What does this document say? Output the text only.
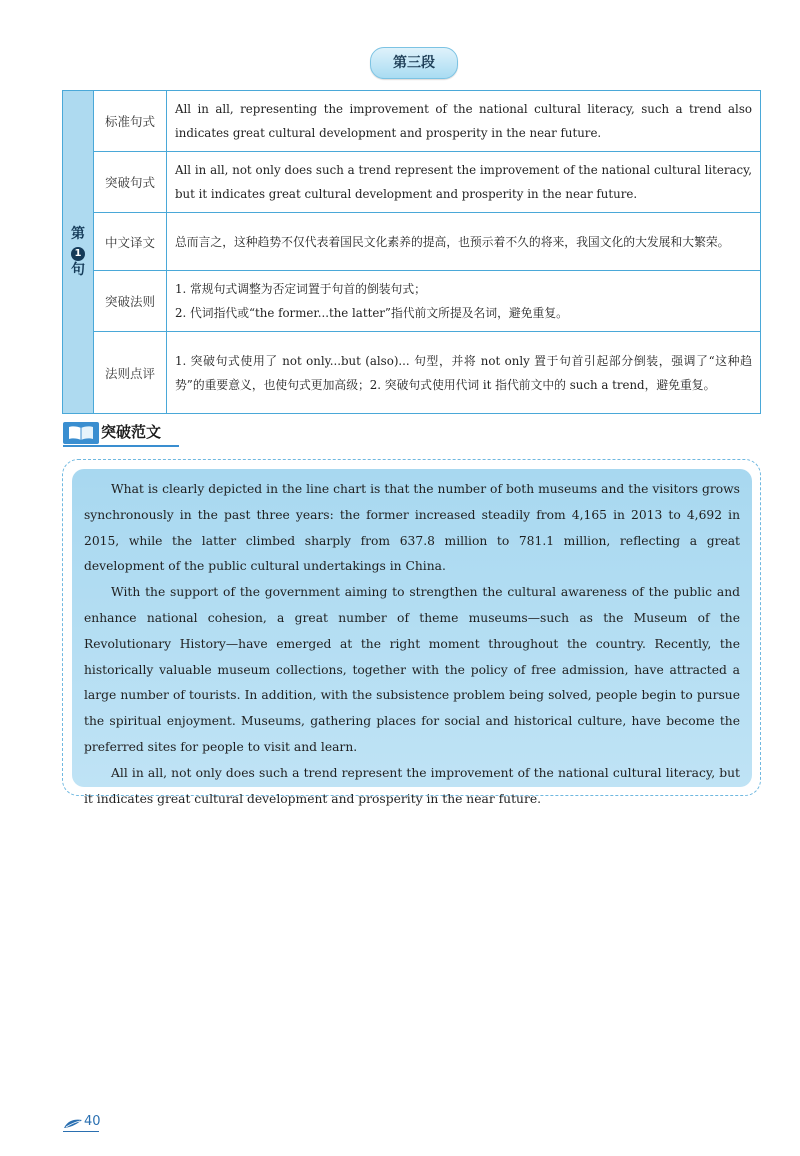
第三段
第
1
句	标准句式	All in all, representing the improvement of the national cultural literacy, such a trend also indicates great cultural development and prosperity in the near future.
	突破句式	All in all, not only does such a trend represent the improvement of the national cultural literacy, but it indicates great cultural development and prosperity in the near future.
	中文译文	总而言之，这种趋势不仅代表着国民文化素养的提高，也预示着不久的将来，我国文化的大发展和大繁荣。
	突破法则	1. 常规句式调整为否定词置于句首的倒装句式；
2. 代词指代或“the former...the latter”指代前文所提及名词，避免重复。

	法则点评	1. 突破句式使用了 not only...but (also)... 句型，并将 not only 置于句首引起部分倒装，强调了“这种趋势”的重要意义，也使句式更加高级；2. 突破句式使用代词 it 指代前文中的 such a trend，避免重复。
突破范文

What is clearly depicted in the line chart is that the number of both museums and the visitors grows synchronously in the past three years: the former increased steadily from 4,165 in 2013 to 4,692 in 2015, while the latter climbed sharply from 637.8 million to 781.1 million, reflecting a great development of the public cultural undertakings in China.

With the support of the government aiming to strengthen the cultural awareness of the public and enhance national cohesion, a great number of theme museums—such as the Museum of the Revolutionary History—have emerged at the right moment throughout the country. Recently, the historically valuable museum collections, together with the policy of free admission, have attracted a large number of tourists. In addition, with the subsistence problem being solved, people begin to pursue the spiritual enjoyment. Museums, gathering places for social and historical culture, have become the preferred sites for people to visit and learn.

All in all, not only does such a trend represent the improvement of the national cultural literacy, but it indicates great cultural development and prosperity in the near future.

40
